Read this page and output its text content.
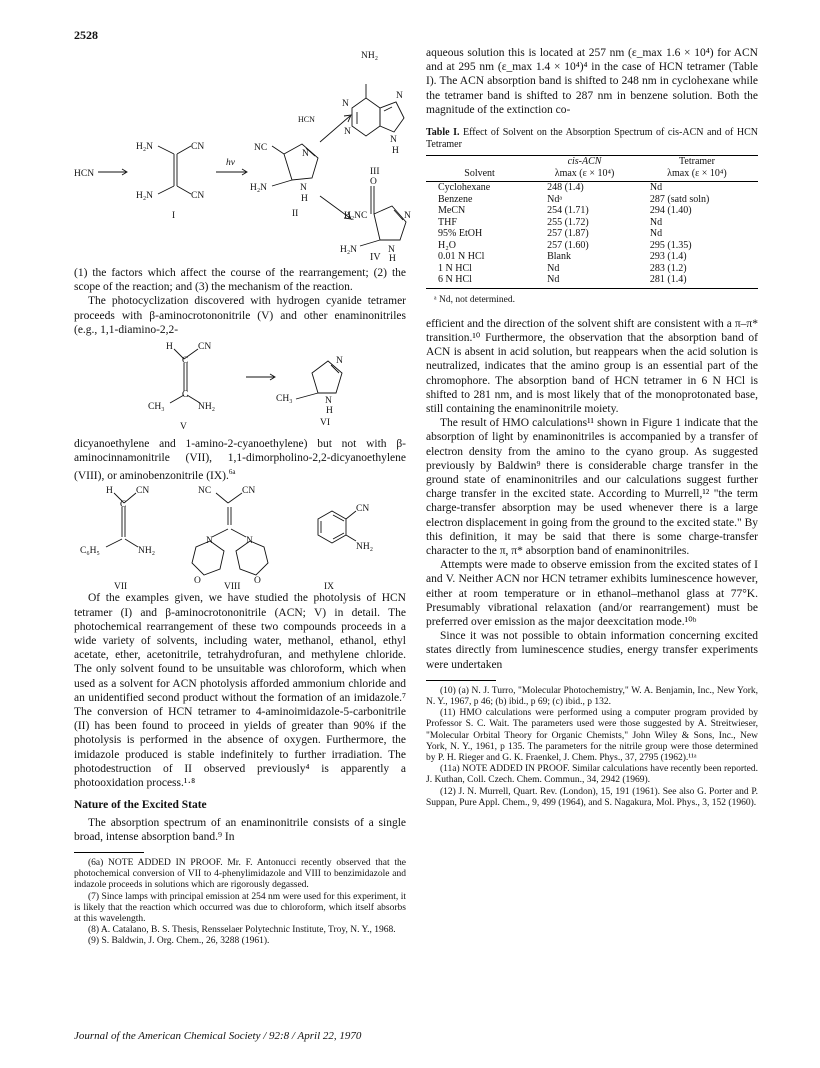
2528
HCN
H₂N	CN
H₂N	CN
I
hν
NC
N
H₂N	N
H
II
NH₂
HCN
N
N
N
N
H
III
O
H₂NC	N
H₂N	N
H
IV

(1) the factors which affect the course of the rearrangement; (2) the scope of the reaction; and (3) the mechanism of the reaction.

The photocyclization discovered with hydrogen cyanide tetramer proceeds with β-aminocrotononitrile (V) and other enaminonitriles (e.g., 1,1-diamino-2,2-

H	CN
C
C
CH₃	NH₂
N
CH₃	N
H
V	VI

dicyanoethylene and 1-amino-2-cyanoethylene) but not with β-aminocinnamonitrile (VII), 1,1-dimorpholino-2,2-dicyanoethylene (VIII), or aminobenzonitrile (IX).$^{6a}$

H CN
C
C₆H₅	NH₂
NC	CN
N	N
O	O
CN
NH₂
VII	VIII	IX

Of the examples given, we have studied the photolysis of HCN tetramer (I) and β-aminocrotononitrile (ACN; V) in detail. The photochemical rearrangement of these two compounds proceeds in a wide variety of solvents, including water, methanol, ethanol, ethyl acetate, ether, acetonitrile, tetrahydrofuran, and methylene chloride. The only solvent found to be unsuitable was chloroform, which when used as a solvent for ACN photolysis afforded ammonium chloride and an unidentified second product without the formation of an imidazole.⁷ The conversion of HCN tetramer to 4-aminoimidazole-5-carbonitrile (II) has been found to proceed in yields of greater than 90% if the photolysis is performed in the absence of oxygen. Furthermore, the imidazole produced is stable indefinitely to further irradiation. The photodestruction of II observed previously⁴ is apparently a photooxidation process.¹·⁸

Nature of the Excited State

The absorption spectrum of an enaminonitrile consists of a single broad, intense absorption band.⁹ In

(6a) NOTE ADDED IN PROOF. Mr. F. Antonucci recently observed that the photochemical conversion of VII to 4-phenylimidazole and VIII to benzimidazole and indazole proceeds in solutions which are rigorously degassed.

(7) Since lamps with principal emission at 254 nm were used for this experiment, it is likely that the reaction which occurred was due to chloroform, which itself absorbs at this wavelength.

(8) A. Catalano, B. S. Thesis, Rensselaer Polytechnic Institute, Troy, N. Y., 1968.

(9) S. Baldwin, J. Org. Chem., 26, 3288 (1961).

aqueous solution this is located at 257 nm (ε_max 1.6 × 10⁴) for ACN and at 295 nm (ε_max 1.4 × 10⁴)⁴ in the case of HCN tetramer (Table I). The ACN absorption band is shifted to 248 nm in cyclohexane while the tetramer band is shifted to 287 nm in benzene solution. Both the magnitude of the extinction co-

Table I. Effect of Solvent on the Absorption Spectrum of cis-ACN and of HCN Tetramer
	cis-ACN	Tetramer
Solvent	λmax (ε × 10⁴)	λmax (ε × 10⁴)
Cyclohexane	248 (1.4)	Nd
Benzene	Ndᵃ	287 (satd soln)
MeCN	254 (1.71)	294 (1.40)
THF	255 (1.72)	Nd
95% EtOH	257 (1.87)	Nd
H₂O	257 (1.60)	295 (1.35)
0.01 N HCl	Blank	293 (1.4)
1 N HCl	Nd	283 (1.2)
6 N HCl	Nd	281 (1.4)
ᵃ Nd, not determined.

efficient and the direction of the solvent shift are consistent with a π–π* transition.¹⁰ Furthermore, the observation that the absorption band of ACN is absent in acid solution, but reappears when the acid solution is neutralized, indicates that the amino group is an essential part of the chromophore. The absorption band of HCN tetramer in 6 N HCl is shifted to 281 nm, and is most likely that of the monoprotonated base, still containing the enaminonitrile moiety.

The result of HMO calculations¹¹ shown in Figure 1 indicate that the absorption of light by enaminonitriles is accompanied by a transfer of electron density from the amino to the cyano group. As suggested previously by Baldwin⁹ there is considerable charge transfer in the ground state of enaminonitriles and our calculations suggest further charge transfer in the excited state. According to Murrell,¹² "the term charge-transfer absorption may be used whenever there is a large electron displacement in going from the ground to the excited state." By this definition, it may be said that there is some charge-transfer character to the π, π* absorption band of enaminonitriles.

Attempts were made to observe emission from the excited states of I and V. Neither ACN nor HCN tetramer exhibits luminescence however, either at room temperature or in ethanol–methanol glass at 77°K. Presumably vibrational relaxation (and/or rearrangement) must be preferred over emission as the major deexcitation mode.¹⁰ᵇ

Since it was not possible to obtain information concerning excited states directly from luminescence studies, energy transfer experiments were undertaken

(10) (a) N. J. Turro, "Molecular Photochemistry," W. A. Benjamin, Inc., New York, N. Y., 1967, p 46; (b) ibid., p 69; (c) ibid., p 132.

(11) HMO calculations were performed using a computer program provided by Professor S. C. Wait. The parameters used were those suggested by A. Streitwieser, "Molecular Orbital Theory for Organic Chemists," John Wiley & Sons, Inc., New York, N. Y., 1961, p 135. The parameters for the nitrile group were those determined by P. H. Rieger and G. K. Fraenkel, J. Chem. Phys., 37, 2795 (1962).¹¹ᵃ

(11a) NOTE ADDED IN PROOF. Similar calculations have recently been reported. J. Kuthan, Coll. Czech. Chem. Commun., 34, 2942 (1969).

(12) J. N. Murrell, Quart. Rev. (London), 15, 191 (1961). See also G. Porter and P. Suppan, Pure Appl. Chem., 9, 499 (1964), and S. Nagakura, Mol. Phys., 3, 152 (1960).

Journal of the American Chemical Society / 92:8 / April 22, 1970
